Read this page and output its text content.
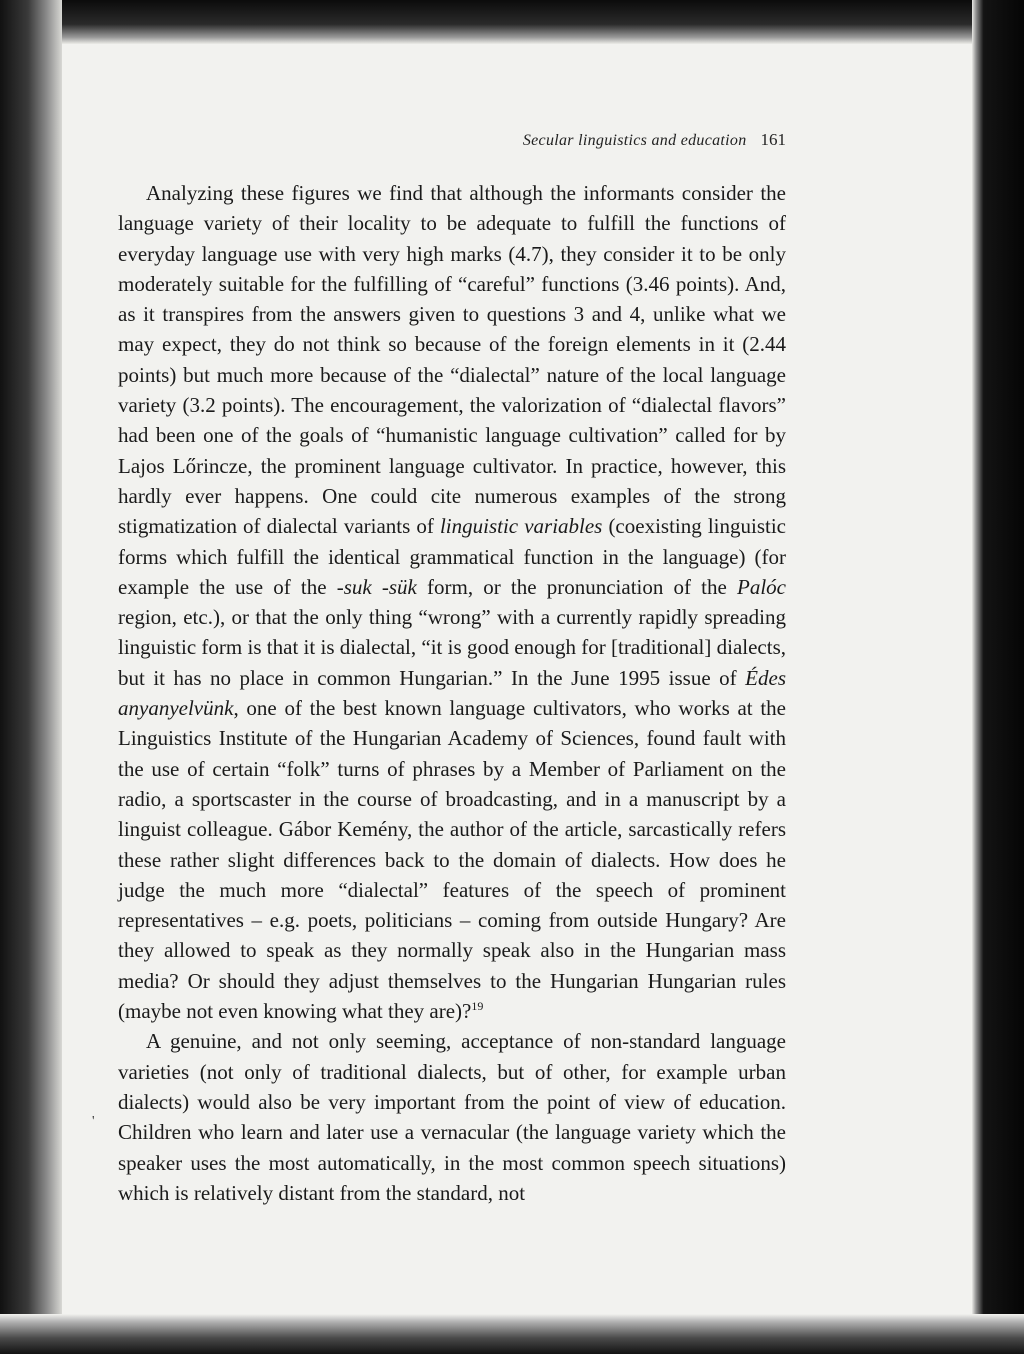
Secular linguistics and education 161

Analyzing these figures we find that although the informants consider the language variety of their locality to be adequate to fulfill the functions of everyday language use with very high marks (4.7), they consider it to be only moderately suitable for the fulfilling of “careful” functions (3.46 points). And, as it transpires from the answers given to questions 3 and 4, unlike what we may expect, they do not think so because of the foreign elements in it (2.44 points) but much more because of the “dialectal” nature of the local language variety (3.2 points). The encouragement, the valorization of “dialectal flavors” had been one of the goals of “humanistic language cultivation” called for by Lajos Lőrincze, the prominent language cultivator. In practice, however, this hardly ever happens. One could cite numerous examples of the strong stigmatization of dialectal variants of linguistic variables (coexisting linguistic forms which fulfill the identical grammatical function in the language) (for example the use of the -suk -sük form, or the pronunciation of the Palóc region, etc.), or that the only thing “wrong” with a currently rapidly spreading linguistic form is that it is dialectal, “it is good enough for [traditional] dialects, but it has no place in common Hungarian.” In the June 1995 issue of Édes anyanyelvünk, one of the best known language cultivators, who works at the Linguistics Institute of the Hungarian Academy of Sciences, found fault with the use of certain “folk” turns of phrases by a Member of Parliament on the radio, a sportscaster in the course of broadcasting, and in a manuscript by a linguist colleague. Gábor Kemény, the author of the article, sarcastically refers these rather slight differences back to the domain of dialects. How does he judge the much more “dialectal” features of the speech of prominent representatives – e.g. poets, politicians – coming from outside Hungary? Are they allowed to speak as they normally speak also in the Hungarian mass media? Or should they adjust themselves to the Hungarian Hungarian rules (maybe not even knowing what they are)?$^{19}$

A genuine, and not only seeming, acceptance of non-standard language varieties (not only of traditional dialects, but of other, for example urban dialects) would also be very important from the point of view of education. Children who learn and later use a vernacular (the language variety which the speaker uses the most automatically, in the most common speech situations) which is relatively distant from the standard, not

'
